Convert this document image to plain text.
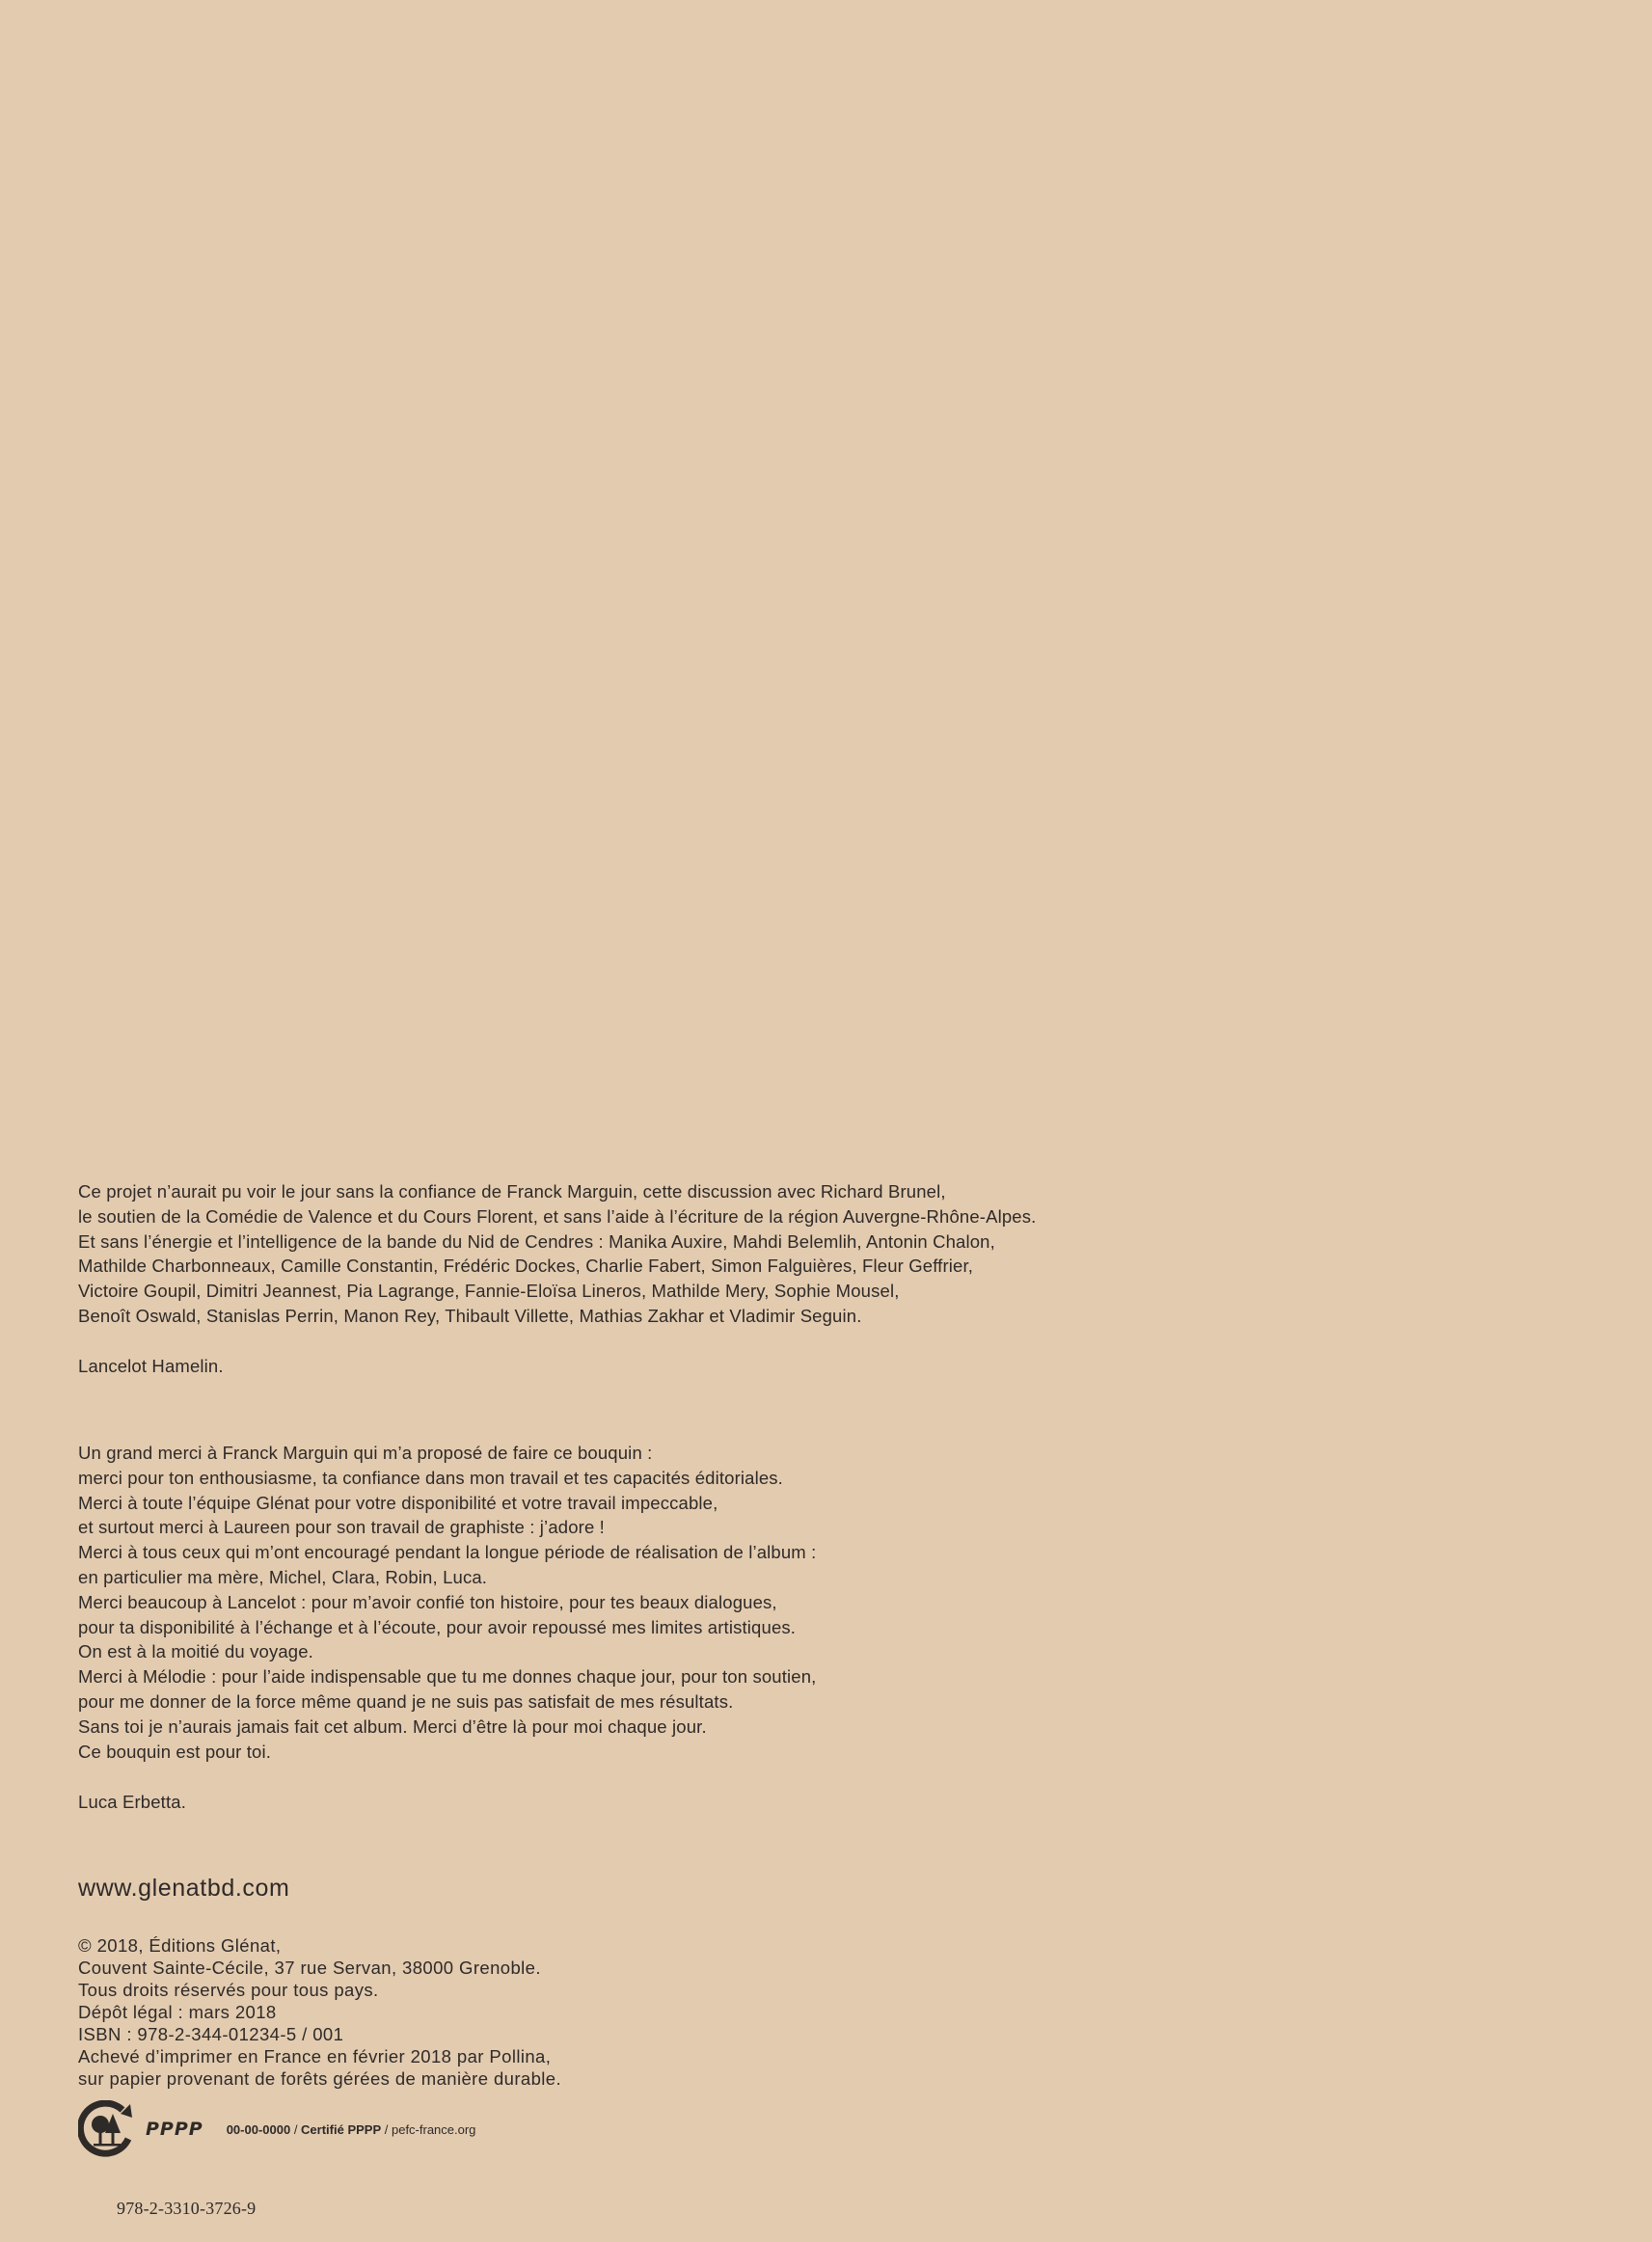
Ce projet n’aurait pu voir le jour sans la confiance de Franck Marguin, cette discussion avec Richard Brunel,
le soutien de la Comédie de Valence et du Cours Florent, et sans l’aide à l’écriture de la région Auvergne-Rhône-Alpes.
Et sans l’énergie et l’intelligence de la bande du Nid de Cendres : Manika Auxire, Mahdi Belemlih, Antonin Chalon,
Mathilde Charbonneaux, Camille Constantin, Frédéric Dockes, Charlie Fabert, Simon Falguières, Fleur Geffrier,
Victoire Goupil, Dimitri Jeannest, Pia Lagrange, Fannie-Eloïsa Lineros, Mathilde Mery, Sophie Mousel,
Benoît Oswald, Stanislas Perrin, Manon Rey, Thibault Villette, Mathias Zakhar et Vladimir Seguin.
Lancelot Hamelin.
Un grand merci à Franck Marguin qui m’a proposé de faire ce bouquin :
merci pour ton enthousiasme, ta confiance dans mon travail et tes capacités éditoriales.
Merci à toute l’équipe Glénat pour votre disponibilité et votre travail impeccable,
et surtout merci à Laureen pour son travail de graphiste : j’adore !
Merci à tous ceux qui m’ont encouragé pendant la longue période de réalisation de l’album :
en particulier ma mère, Michel, Clara, Robin, Luca.
Merci beaucoup à Lancelot : pour m’avoir confié ton histoire, pour tes beaux dialogues,
pour ta disponibilité à l’échange et à l’écoute, pour avoir repoussé mes limites artistiques.
On est à la moitié du voyage.
Merci à Mélodie : pour l’aide indispensable que tu me donnes chaque jour, pour ton soutien,
pour me donner de la force même quand je ne suis pas satisfait de mes résultats.
Sans toi je n’aurais jamais fait cet album. Merci d’être là pour moi chaque jour.
Ce bouquin est pour toi.
Luca Erbetta.
www.glenatbd.com
© 2018, Éditions Glénat,
Couvent Sainte-Cécile, 37 rue Servan, 38000 Grenoble.
Tous droits réservés pour tous pays.
Dépôt légal : mars 2018
ISBN : 978-2-344-01234-5 / 001
Achevé d’imprimer en France en février 2018 par Pollina,
sur papier provenant de forêts gérées de manière durable.
PPPP 00-00-0000 / Certifié PPPP / pefc-france.org
978-2-3310-3726-9
